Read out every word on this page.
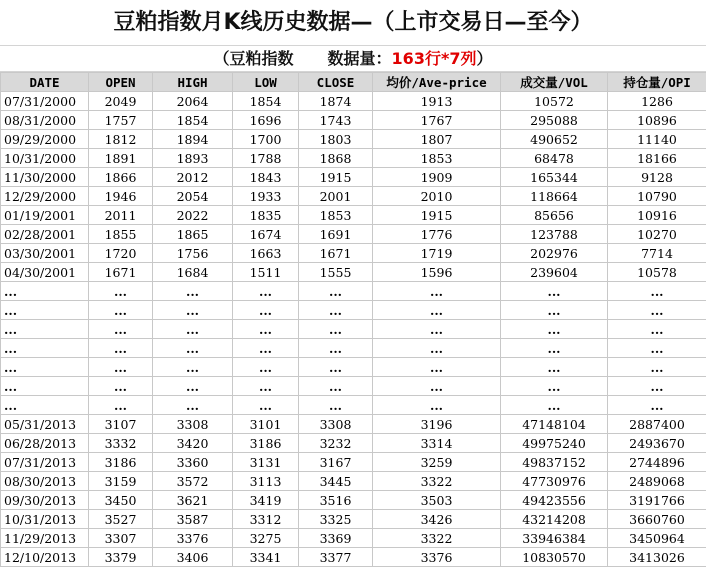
豆粕指数月K线历史数据—（上市交易日—至今）
（豆粕指数 数据量：163行*7列）
DATE	OPEN	HIGH	LOW	CLOSE	均价/Ave-price	成交量/VOL	持仓量/OPI
07/31/2000	2049	2064	1854	1874	1913	10572	1286
08/31/2000	1757	1854	1696	1743	1767	295088	10896
09/29/2000	1812	1894	1700	1803	1807	490652	11140
10/31/2000	1891	1893	1788	1868	1853	68478	18166
11/30/2000	1866	2012	1843	1915	1909	165344	9128
12/29/2000	1946	2054	1933	2001	2010	118664	10790
01/19/2001	2011	2022	1835	1853	1915	85656	10916
02/28/2001	1855	1865	1674	1691	1776	123788	10270
03/30/2001	1720	1756	1663	1671	1719	202976	7714
04/30/2001	1671	1684	1511	1555	1596	239604	10578
...	...	...	...	...	...	...	...
...	...	...	...	...	...	...	...
...	...	...	...	...	...	...	...
...	...	...	...	...	...	...	...
...	...	...	...	...	...	...	...
...	...	...	...	...	...	...	...
...	...	...	...	...	...	...	...
05/31/2013	3107	3308	3101	3308	3196	47148104	2887400
06/28/2013	3332	3420	3186	3232	3314	49975240	2493670
07/31/2013	3186	3360	3131	3167	3259	49837152	2744896
08/30/2013	3159	3572	3113	3445	3322	47730976	2489068
09/30/2013	3450	3621	3419	3516	3503	49423556	3191766
10/31/2013	3527	3587	3312	3325	3426	43214208	3660760
11/29/2013	3307	3376	3275	3369	3322	33946384	3450964
12/10/2013	3379	3406	3341	3377	3376	10830570	3413026
